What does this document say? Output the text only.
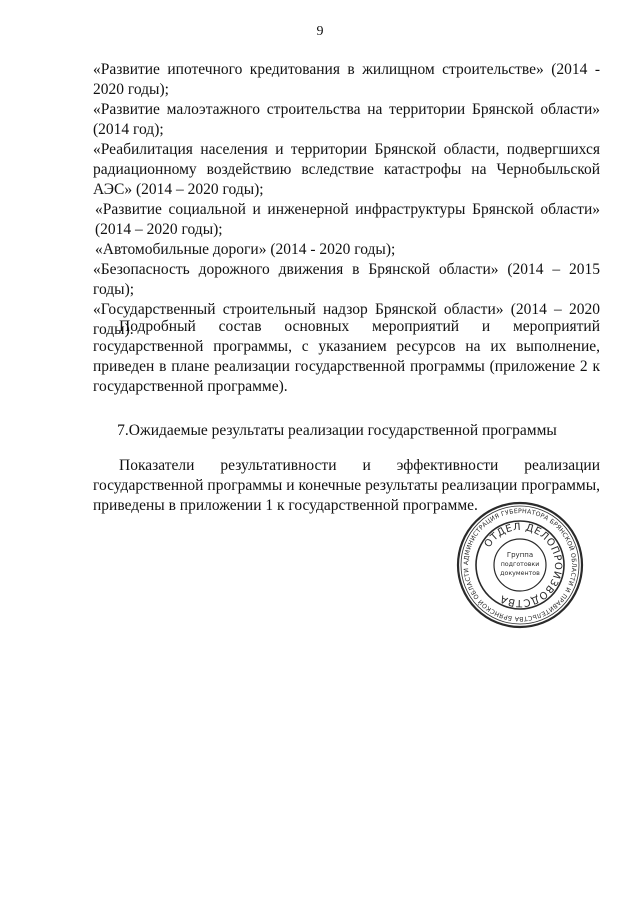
9

«Развитие ипотечного кредитования в жилищном строительстве» (2014 - 2020 годы);

«Развитие малоэтажного строительства на территории Брянской области» (2014 год);

«Реабилитация населения и территории Брянской области, подвергшихся радиационному воздействию вследствие катастрофы на Чернобыльской АЭС» (2014 – 2020 годы);

«Развитие социальной и инженерной инфраструктуры Брянской области» (2014 – 2020 годы);

«Автомобильные дороги» (2014 - 2020 годы);

«Безопасность дорожного движения в Брянской области» (2014 – 2015 годы);

«Государственный строительный надзор Брянской области» (2014 – 2020 годы).

Подробный состав основных мероприятий и мероприятий государственной программы, с указанием ресурсов на их выполнение, приведен в плане реализации государственной программы (приложение 2 к государственной программе).

7.Ожидаемые результаты реализации государственной программы

Показатели результативности и эффективности реализации государственной программы и конечные результаты реализации программы, приведены в приложении 1 к государственной программе.

АДМИНИСТРАЦИЯ ГУБЕРНАТОРА БРЯНСКОЙ ОБЛАСТИ И ПРАВИТЕЛЬСТВА БРЯНСКОЙ ОБЛАСТИ
ОТДЕЛ ДЕЛОПРОИЗВОДСТВА
Группа
подготовки
документов
